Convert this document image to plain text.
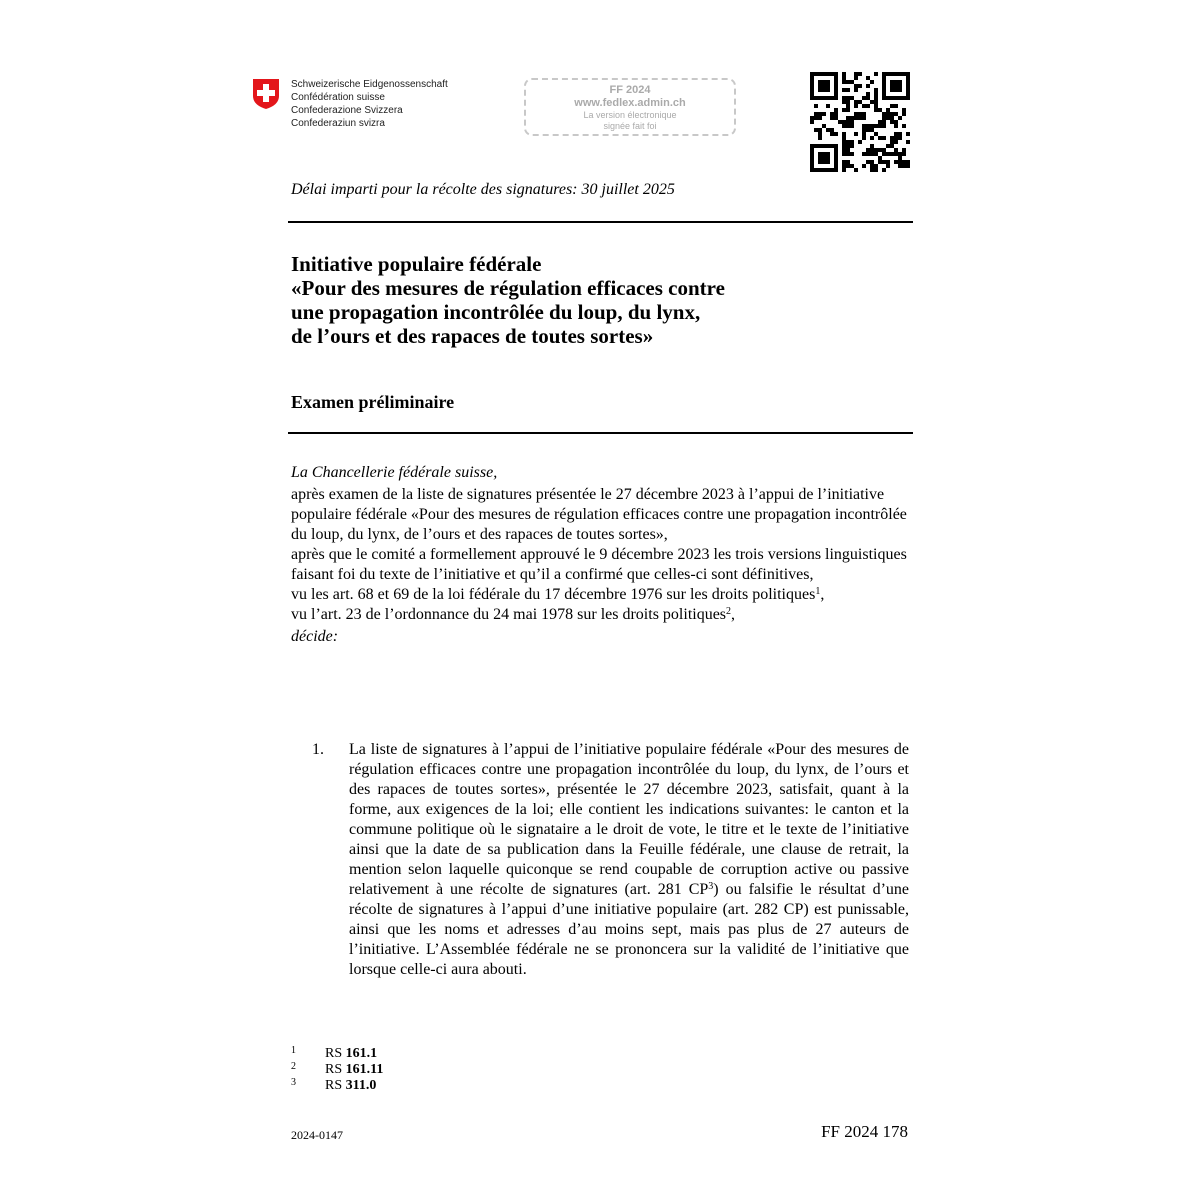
Schweizerische Eidgenossenschaft
Confédération suisse
Confederazione Svizzera
Confederaziun svizra
FF 2024
www.fedlex.admin.ch
La version électronique
signée fait foi
Délai imparti pour la récolte des signatures: 30 juillet 2025
Initiative populaire fédérale
«Pour des mesures de régulation efficaces contre
une propagation incontrôlée du loup, du lynx,
de l’ours et des rapaces de toutes sortes»
Examen préliminaire
La Chancellerie fédérale suisse,

après examen de la liste de signatures présentée le 27 décembre 2023 à l’appui de l’initiative populaire fédérale «Pour des mesures de régulation efficaces contre une propagation incontrôlée du loup, du lynx, de l’ours et des rapaces de toutes sortes»,

après que le comité a formellement approuvé le 9 décembre 2023 les trois versions linguistiques faisant foi du texte de l’initiative et qu’il a confirmé que celles-ci sont définitives,

vu les art. 68 et 69 de la loi fédérale du 17 décembre 1976 sur les droits politiques$^1$,

vu l’art. 23 de l’ordonnance du 24 mai 1978 sur les droits politiques$^2$,

décide:
1. La liste de signatures à l’appui de l’initiative populaire fédérale «Pour des mesures de régulation efficaces contre une propagation incontrôlée du loup, du lynx, de l’ours et des rapaces de toutes sortes», présentée le 27 décembre 2023, satisfait, quant à la forme, aux exigences de la loi; elle contient les indications suivantes: le canton et la commune politique où le signataire a le droit de vote, le titre et le texte de l’initiative ainsi que la date de sa publication dans la Feuille fédérale, une clause de retrait, la mention selon laquelle quiconque se rend coupable de corruption active ou passive relativement à une récolte de signatures (art. 281 $CP^3$) ou falsifie le résultat d’une récolte de signatures à l’appui d’une initiative populaire (art. 282 CP) est punissable, ainsi que les noms et adresses d’au moins sept, mais pas plus de 27 auteurs de l’initiative. L’Assemblée fédérale ne se prononcera sur la validité de l’initiative que lorsque celle-ci aura abouti.
1 RS 161.1
2 RS 161.11
3 RS 311.0
2024-0147	FF 2024 178
